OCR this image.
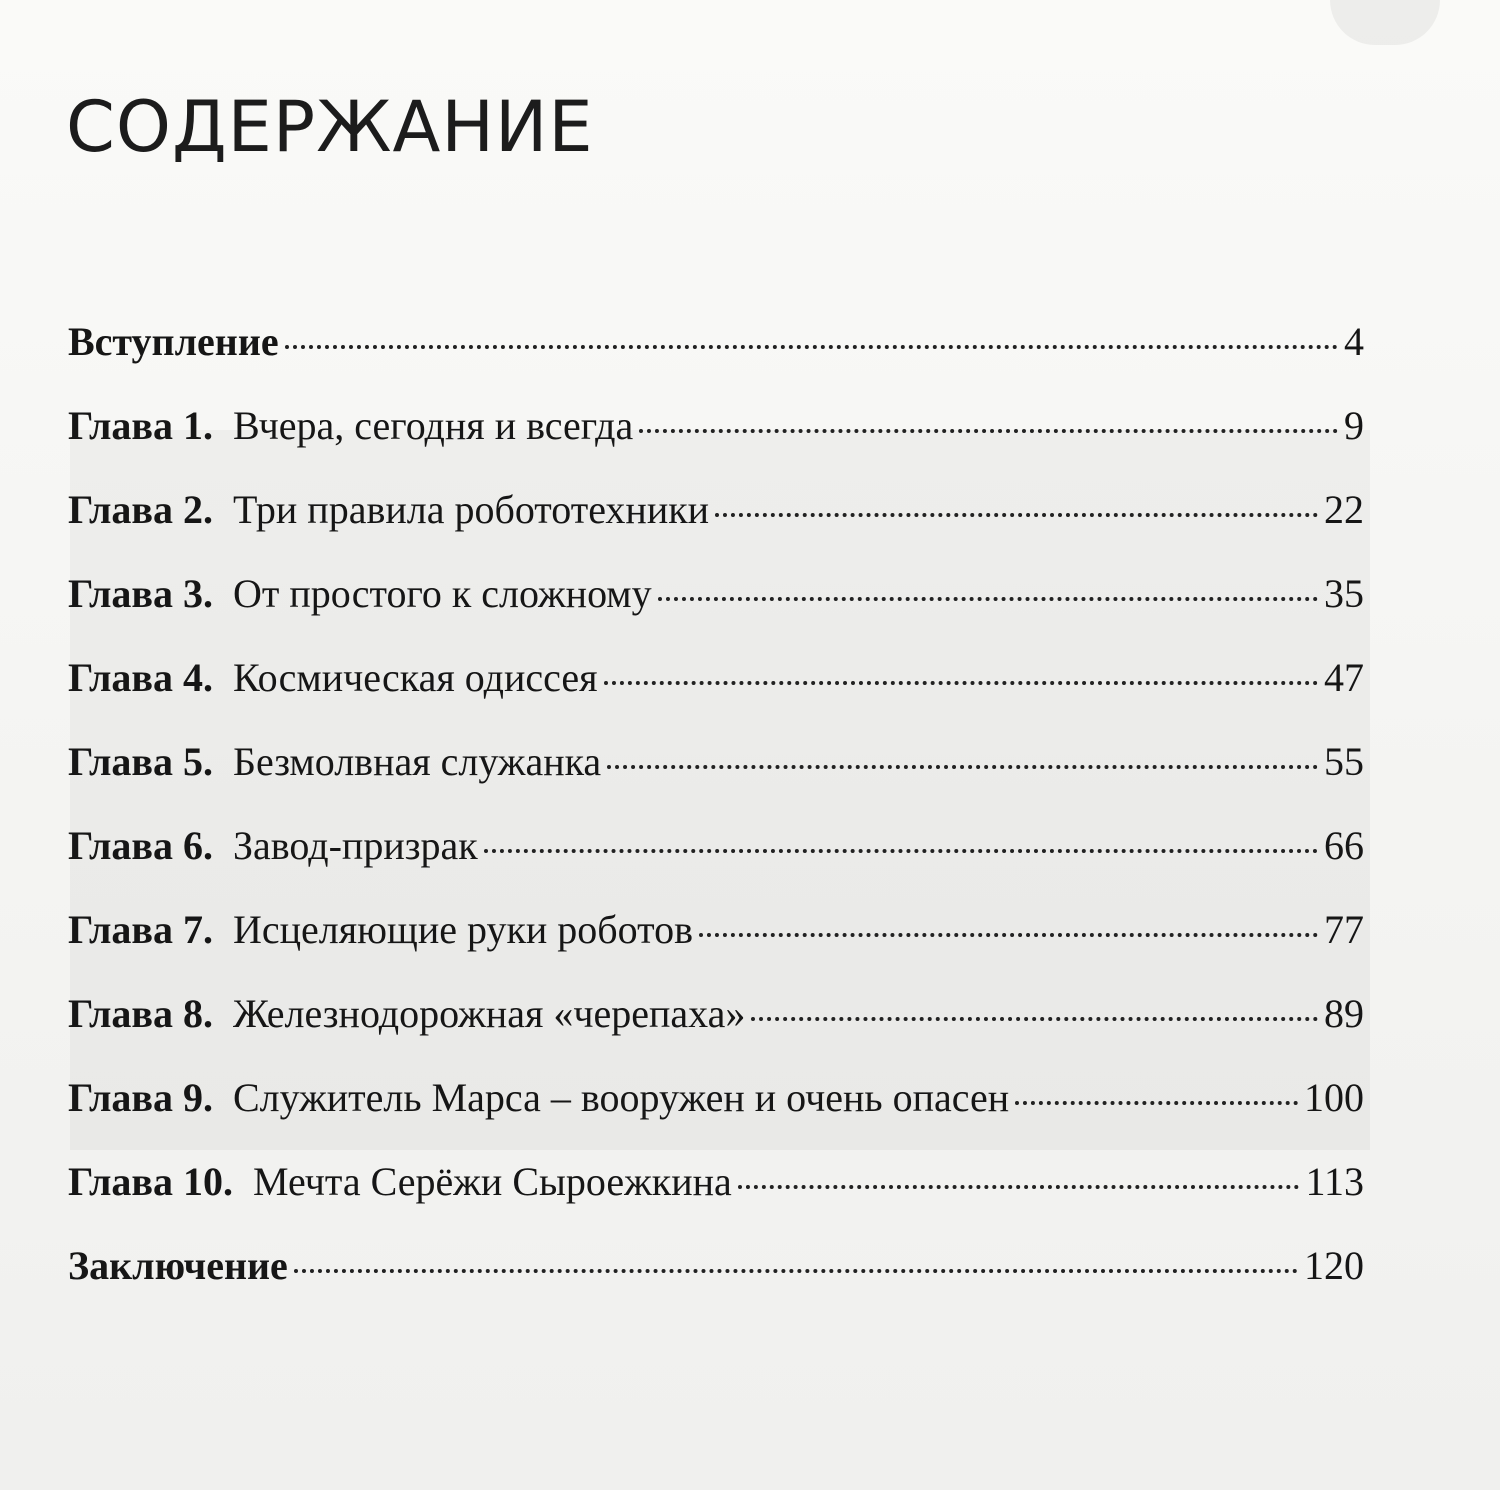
СОДЕРЖАНИЕ
Вступление	4
Глава 1. Вчера, сегодня и всегда	9
Глава 2. Три правила робототехники	22
Глава 3. От простого к сложному	35
Глава 4. Космическая одиссея	47
Глава 5. Безмолвная служанка	55
Глава 6. Завод-призрак	66
Глава 7. Исцеляющие руки роботов	77
Глава 8. Железнодорожная «черепаха»	89
Глава 9. Служитель Марса – вооружен и очень опасен	100
Глава 10. Мечта Серёжи Сыроежкина	113
Заключение	120
